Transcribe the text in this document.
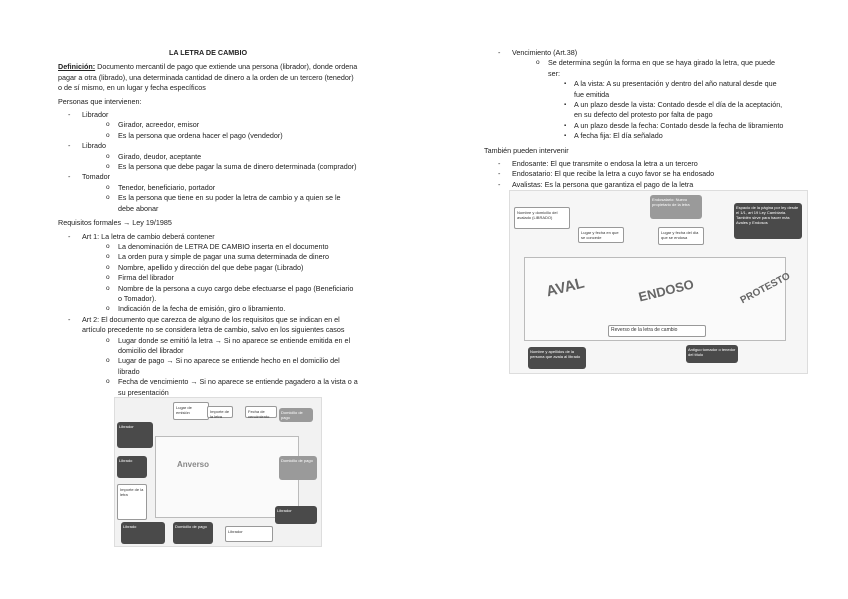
LA LETRA DE CAMBIO
Definición: Documento mercantil de pago que extiende una persona (librador), donde ordena pagar a otra (librado), una determinada cantidad de dinero a la orden de un tercero (tenedor) o de sí mismo, en un lugar y fecha específicos
Personas que intervienen:
- Librador
o Girador, acreedor, emisor
o Es la persona que ordena hacer el pago (vendedor)
- Librado
o Girado, deudor, aceptante
o Es la persona que debe pagar la suma de dinero determinada (comprador)
- Tomador
o Tenedor, beneficiario, portador
o Es la persona que tiene en su poder la letra de cambio y a quien se le debe abonar
Requisitos formales → Ley 19/1985
- Art 1: La letra de cambio deberá contener
o La denominación de LETRA DE CAMBIO inserta en el documento
o La orden pura y simple de pagar una suma determinada de dinero
o Nombre, apellido y dirección del que debe pagar (Librado)
o Firma del librador
o Nombre de la persona a cuyo cargo debe efectuarse el pago (Beneficiario o Tomador).
o Indicación de la fecha de emisión, giro o libramiento.
- Art 2: El documento que carezca de alguno de los requisitos que se indican en el artículo precedente no se considera letra de cambio, salvo en los siguientes casos
o Lugar donde se emitió la letra → Si no aparece se entiende emitida en el domicilio del librador
o Lugar de pago → Si no aparece se entiende hecho en el domicilio del librado
o Fecha de vencimiento → Si no aparece se entiende pagadero a la vista o a su presentación
Anverso
Lugar de emisión	Importe de la letra
Fecha de vencimiento
Domicilio de pago
Librador
Librado
Importe de la letra
Domicilio de pago
Librado	Domicilio de pago
Librador
Librador
- Vencimiento (Art.38)
o Se determina según la forma en que se haya girado la letra, que puede ser:
▪ A la vista: A su presentación y dentro del año natural desde que fue emitida
▪ A un plazo desde la vista: Contado desde el día de la aceptación, en su defecto del protesto por falta de pago
▪ A un plazo desde la fecha: Contado desde la fecha de libramiento
▪ A fecha fija: El día señalado
También pueden intervenir
- Endosante: El que transmite o endosa la letra a un tercero
- Endosatario: El que recibe la letra a cuyo favor se ha endosado
- Avalistas: Es la persona que garantiza el pago de la letra
AVAL	ENDOSO	PROTESTO
Reverso de la letra de cambio
Nombre y domicilio del avalado (LIBRADO)
Lugar y fecha en que se concede
Endosatario: Nuevo propietario de la letra
Lugar y fecha del día que se endosa
Espacio de la página por ley desde el 1/1, art 19 Ley Cambiaria. También sirve para hacer más Avales y Endosos
Nombre y apellidos de la persona que avala al librado
Antiguo tomador o tenedor del título
